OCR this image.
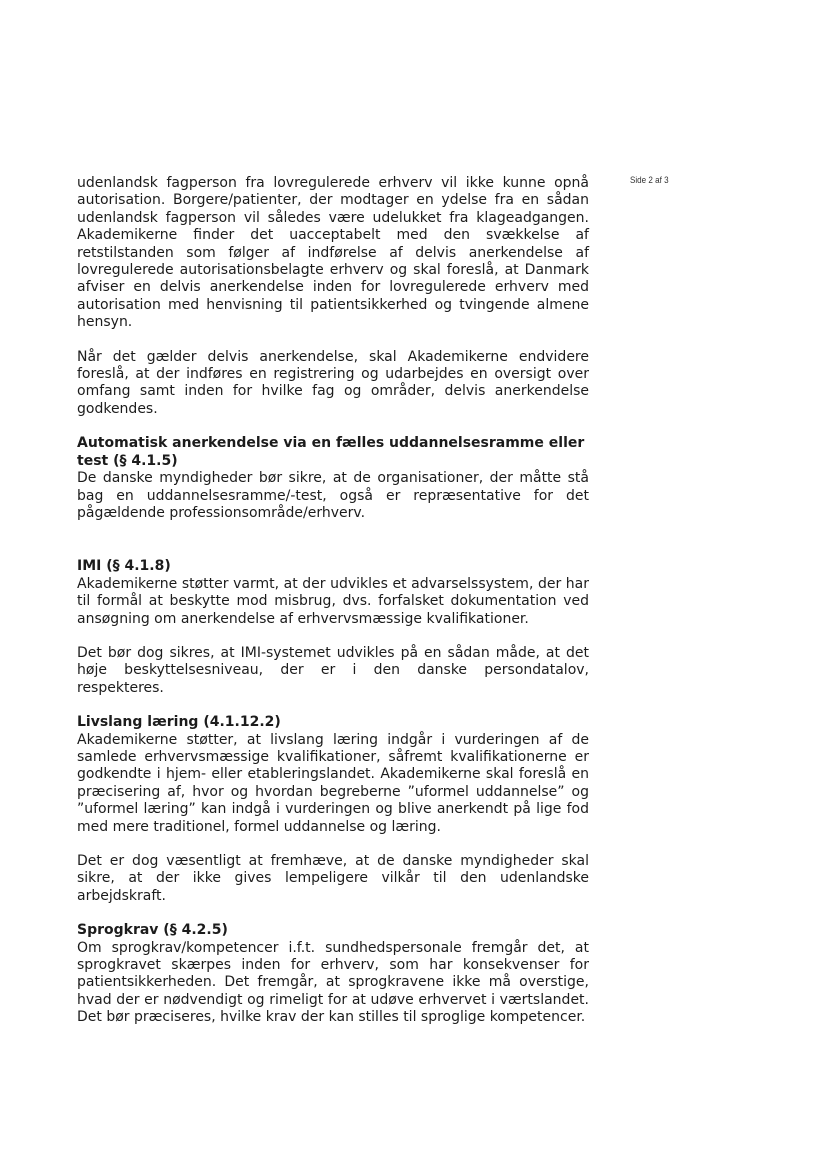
Side 2 af 3

udenlandsk fagperson fra lovregulerede erhverv vil ikke kunne opnå autorisation. Borgere/patienter, der modtager en ydelse fra en sådan udenlandsk fagperson vil således være udelukket fra klageadgangen. Akademikerne finder det uacceptabelt med den svækkelse af retstilstanden som følger af indførelse af delvis anerkendelse af lovregulerede autorisationsbelagte erhverv og skal foreslå, at Danmark afviser en delvis anerkendelse inden for lovregulerede erhverv med autorisation med henvisning til patientsikkerhed og tvingende almene hensyn.

Når det gælder delvis anerkendelse, skal Akademikerne endvidere foreslå, at der indføres en registrering og udarbejdes en oversigt over omfang samt inden for hvilke fag og områder, delvis anerkendelse godkendes.

Automatisk anerkendelse via en fælles uddannelsesramme eller test (§ 4.1.5)

De danske myndigheder bør sikre, at de organisationer, der måtte stå bag en uddannelsesramme/-test, også er repræsentative for det pågældende professionsområde/erhverv.

IMI (§ 4.1.8)

Akademikerne støtter varmt, at der udvikles et advarselssystem, der har til formål at beskytte mod misbrug, dvs. forfalsket dokumentation ved ansøgning om anerkendelse af erhvervsmæssige kvalifikationer.

Det bør dog sikres, at IMI-systemet udvikles på en sådan måde, at det høje beskyttelsesniveau, der er i den danske persondatalov, respekteres.

Livslang læring (4.1.12.2)

Akademikerne støtter, at livslang læring indgår i vurderingen af de samlede erhvervsmæssige kvalifikationer, såfremt kvalifikationerne er godkendte i hjem- eller etableringslandet. Akademikerne skal foreslå en præcisering af, hvor og hvordan begreberne ”uformel uddannelse” og ”uformel læring” kan indgå i vurderingen og blive anerkendt på lige fod med mere traditionel, formel uddannelse og læring.

Det er dog væsentligt at fremhæve, at de danske myndigheder skal sikre, at der ikke gives lempeligere vilkår til den udenlandske arbejdskraft.

Sprogkrav (§ 4.2.5)

Om sprogkrav/kompetencer i.f.t. sundhedspersonale fremgår det, at sprogkravet skærpes inden for erhverv, som har konsekvenser for patientsikkerheden. Det fremgår, at sprogkravene ikke må overstige, hvad der er nødvendigt og rimeligt for at udøve erhvervet i værtslandet. Det bør præciseres, hvilke krav der kan stilles til sproglige kompetencer.
